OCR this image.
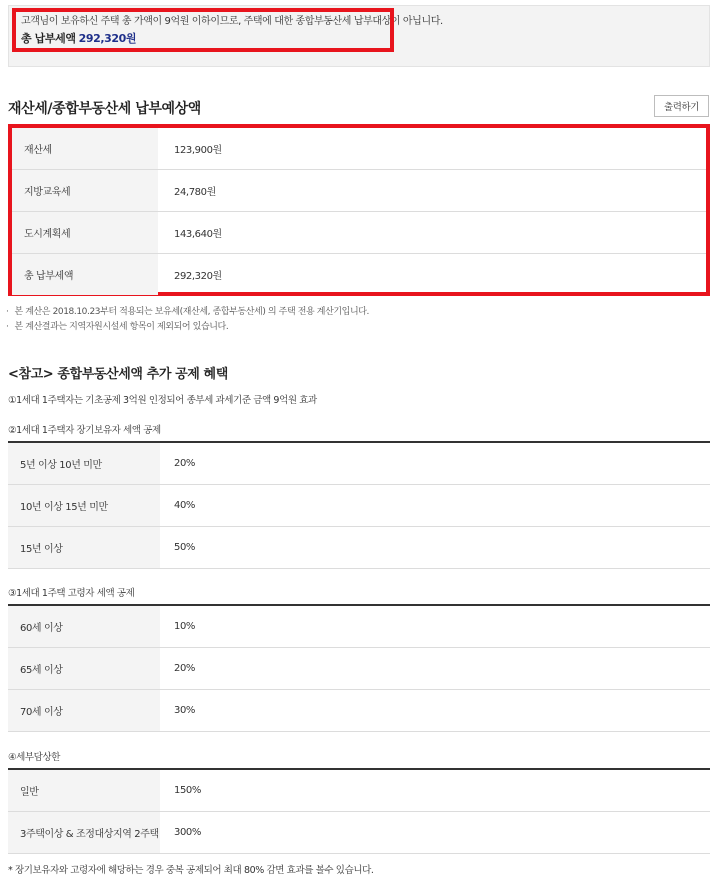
고객님이 보유하신 주택 총 가액이 9억원 이하이므로, 주택에 대한 종합부동산세 납부대상이 아닙니다.
총 납부세액 292,320원
재산세/종합부동산세 납부예상액	출력하기
재산세	123,900원
지방교육세	24,780원
도시계획세	143,640원
총 납부세액	292,320원
· 본 계산은 2018.10.23부터 적용되는 보유세(재산세, 종합부동산세) 의 주택 전용 계산기입니다.
· 본 계산결과는 지역자원시설세 항목이 제외되어 있습니다.
<참고> 종합부동산세액 추가 공제 혜택
①1세대 1주택자는 기초공제 3억원 인정되어 종부세 과세기준 금액 9억원 효과
②1세대 1주택자 장기보유자 세액 공제
5년 이상 10년 미만	20%
10년 이상 15년 미만	40%
15년 이상	50%
③1세대 1주택 고령자 세액 공제
60세 이상	10%
65세 이상	20%
70세 이상	30%
④세부담상한
일반	150%
3주택이상 & 조정대상지역 2주택	300%
* 장기보유자와 고령자에 해당하는 경우 중복 공제되어 최대 80% 감면 효과를 볼수 있습니다.
